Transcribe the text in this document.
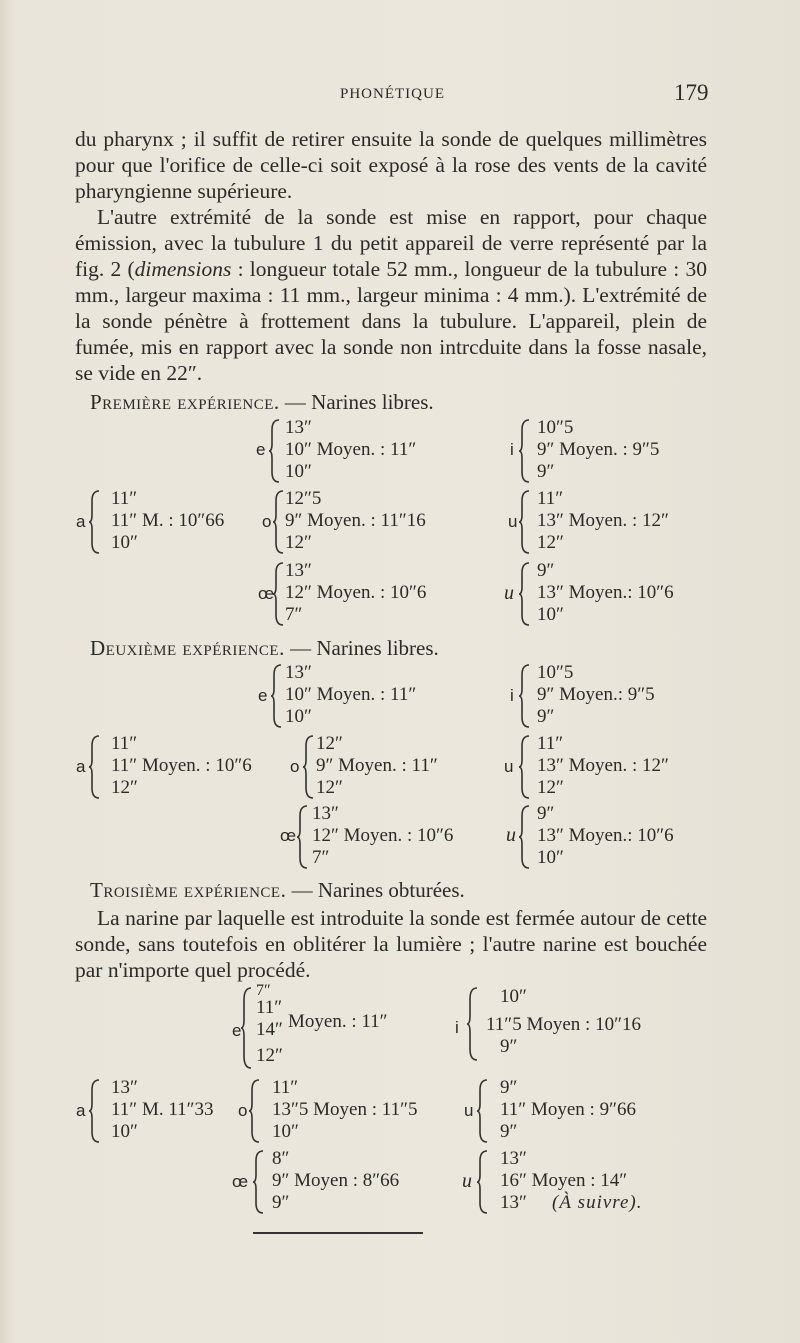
PHONÉTIQUE	179

du pharynx ; il suffit de retirer ensuite la sonde de quelques millimètres pour que l'orifice de celle-ci soit exposé à la rose des vents de la cavité pharyngienne supérieure.

L'autre extrémité de la sonde est mise en rapport, pour chaque émission, avec la tubulure 1 du petit appareil de verre représenté par la fig. 2 (dimensions : longueur totale 52 mm., longueur de la tubulure : 30 mm., largeur maxima : 11 mm., largeur minima : 4 mm.). L'extrémité de la sonde pénètre à frottement dans la tubulure. L'appareil, plein de fumée, mis en rapport avec la sonde non intrcduite dans la fosse nasale, se vide en 22″.

Première expérience. — Narines libres.
e
13″
10″ Moyen. : 11″
10″
i
10″5
9″ Moyen. : 9″5
9″
a
11″
11″ M. : 10″66
10″
o
12″5
9″ Moyen. : 11″16
12″
u
11″
13″ Moyen. : 12″
12″
œ
13″
12″ Moyen. : 10″6
7″
u
9″
13″ Moyen.: 10″6
10″
Deuxième expérience. — Narines libres.
e
13″
10″ Moyen. : 11″
10″
i
10″5
9″ Moyen.: 9″5
9″
a
11″
11″ Moyen. : 10″6
12″
o
12″
9″ Moyen. : 11″
12″
u
11″
13″ Moyen. : 12″
12″
œ
13″
12″ Moyen. : 10″6
7″
u
9″
13″ Moyen.: 10″6
10″
Troisième expérience. — Narines obturées.

La narine par laquelle est introduite la sonde est fermée autour de cette sonde, sans toutefois en oblitérer la lumière ; l'autre narine est bouchée par n'importe quel procédé.

e
7″
11″
14″ Moyen. : 11″
12″
i
10″
11″5 Moyen : 10″16
9″
a
13″
11″ M. 11″33
10″
o
11″
13″5 Moyen : 11″5
10″
u
9″
11″ Moyen : 9″66
9″
œ
8″
9″ Moyen : 8″66
9″
u
13″
16″ Moyen : 14″
13″ (À suivre).
